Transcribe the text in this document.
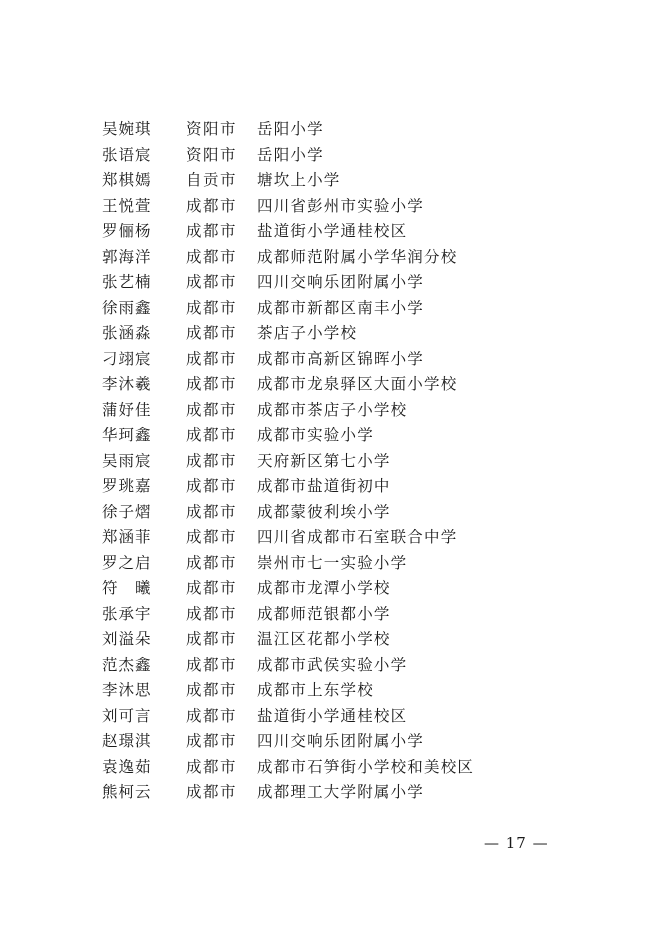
吴婉琪 资阳市 岳阳小学
张语宸 资阳市 岳阳小学
郑棋嫣 自贡市 塘坎上小学
王悦萱 成都市 四川省彭州市实验小学
罗俪杨 成都市 盐道街小学通桂校区
郭海洋 成都市 成都师范附属小学华润分校
张艺楠 成都市 四川交响乐团附属小学
徐雨鑫 成都市 成都市新都区南丰小学
张涵淼 成都市 茶店子小学校
刁翊宸 成都市 成都市高新区锦晖小学
李沐羲 成都市 成都市龙泉驿区大面小学校
蒲妤佳 成都市 成都市茶店子小学校
华珂鑫 成都市 成都市实验小学
吴雨宸 成都市 天府新区第七小学
罗珧嘉 成都市 成都市盐道街初中
徐子熠 成都市 成都蒙彼利埃小学
郑涵菲 成都市 四川省成都市石室联合中学
罗之启 成都市 崇州市七一实验小学
符　曦 成都市 成都市龙潭小学校
张承宇 成都市 成都师范银都小学
刘溢朵 成都市 温江区花都小学校
范杰鑫 成都市 成都市武侯实验小学
李沐思 成都市 成都市上东学校
刘可言 成都市 盐道街小学通桂校区
赵璟淇 成都市 四川交响乐团附属小学
袁逸茹 成都市 成都市石笋街小学校和美校区
熊柯云 成都市 成都理工大学附属小学
— 17 —
